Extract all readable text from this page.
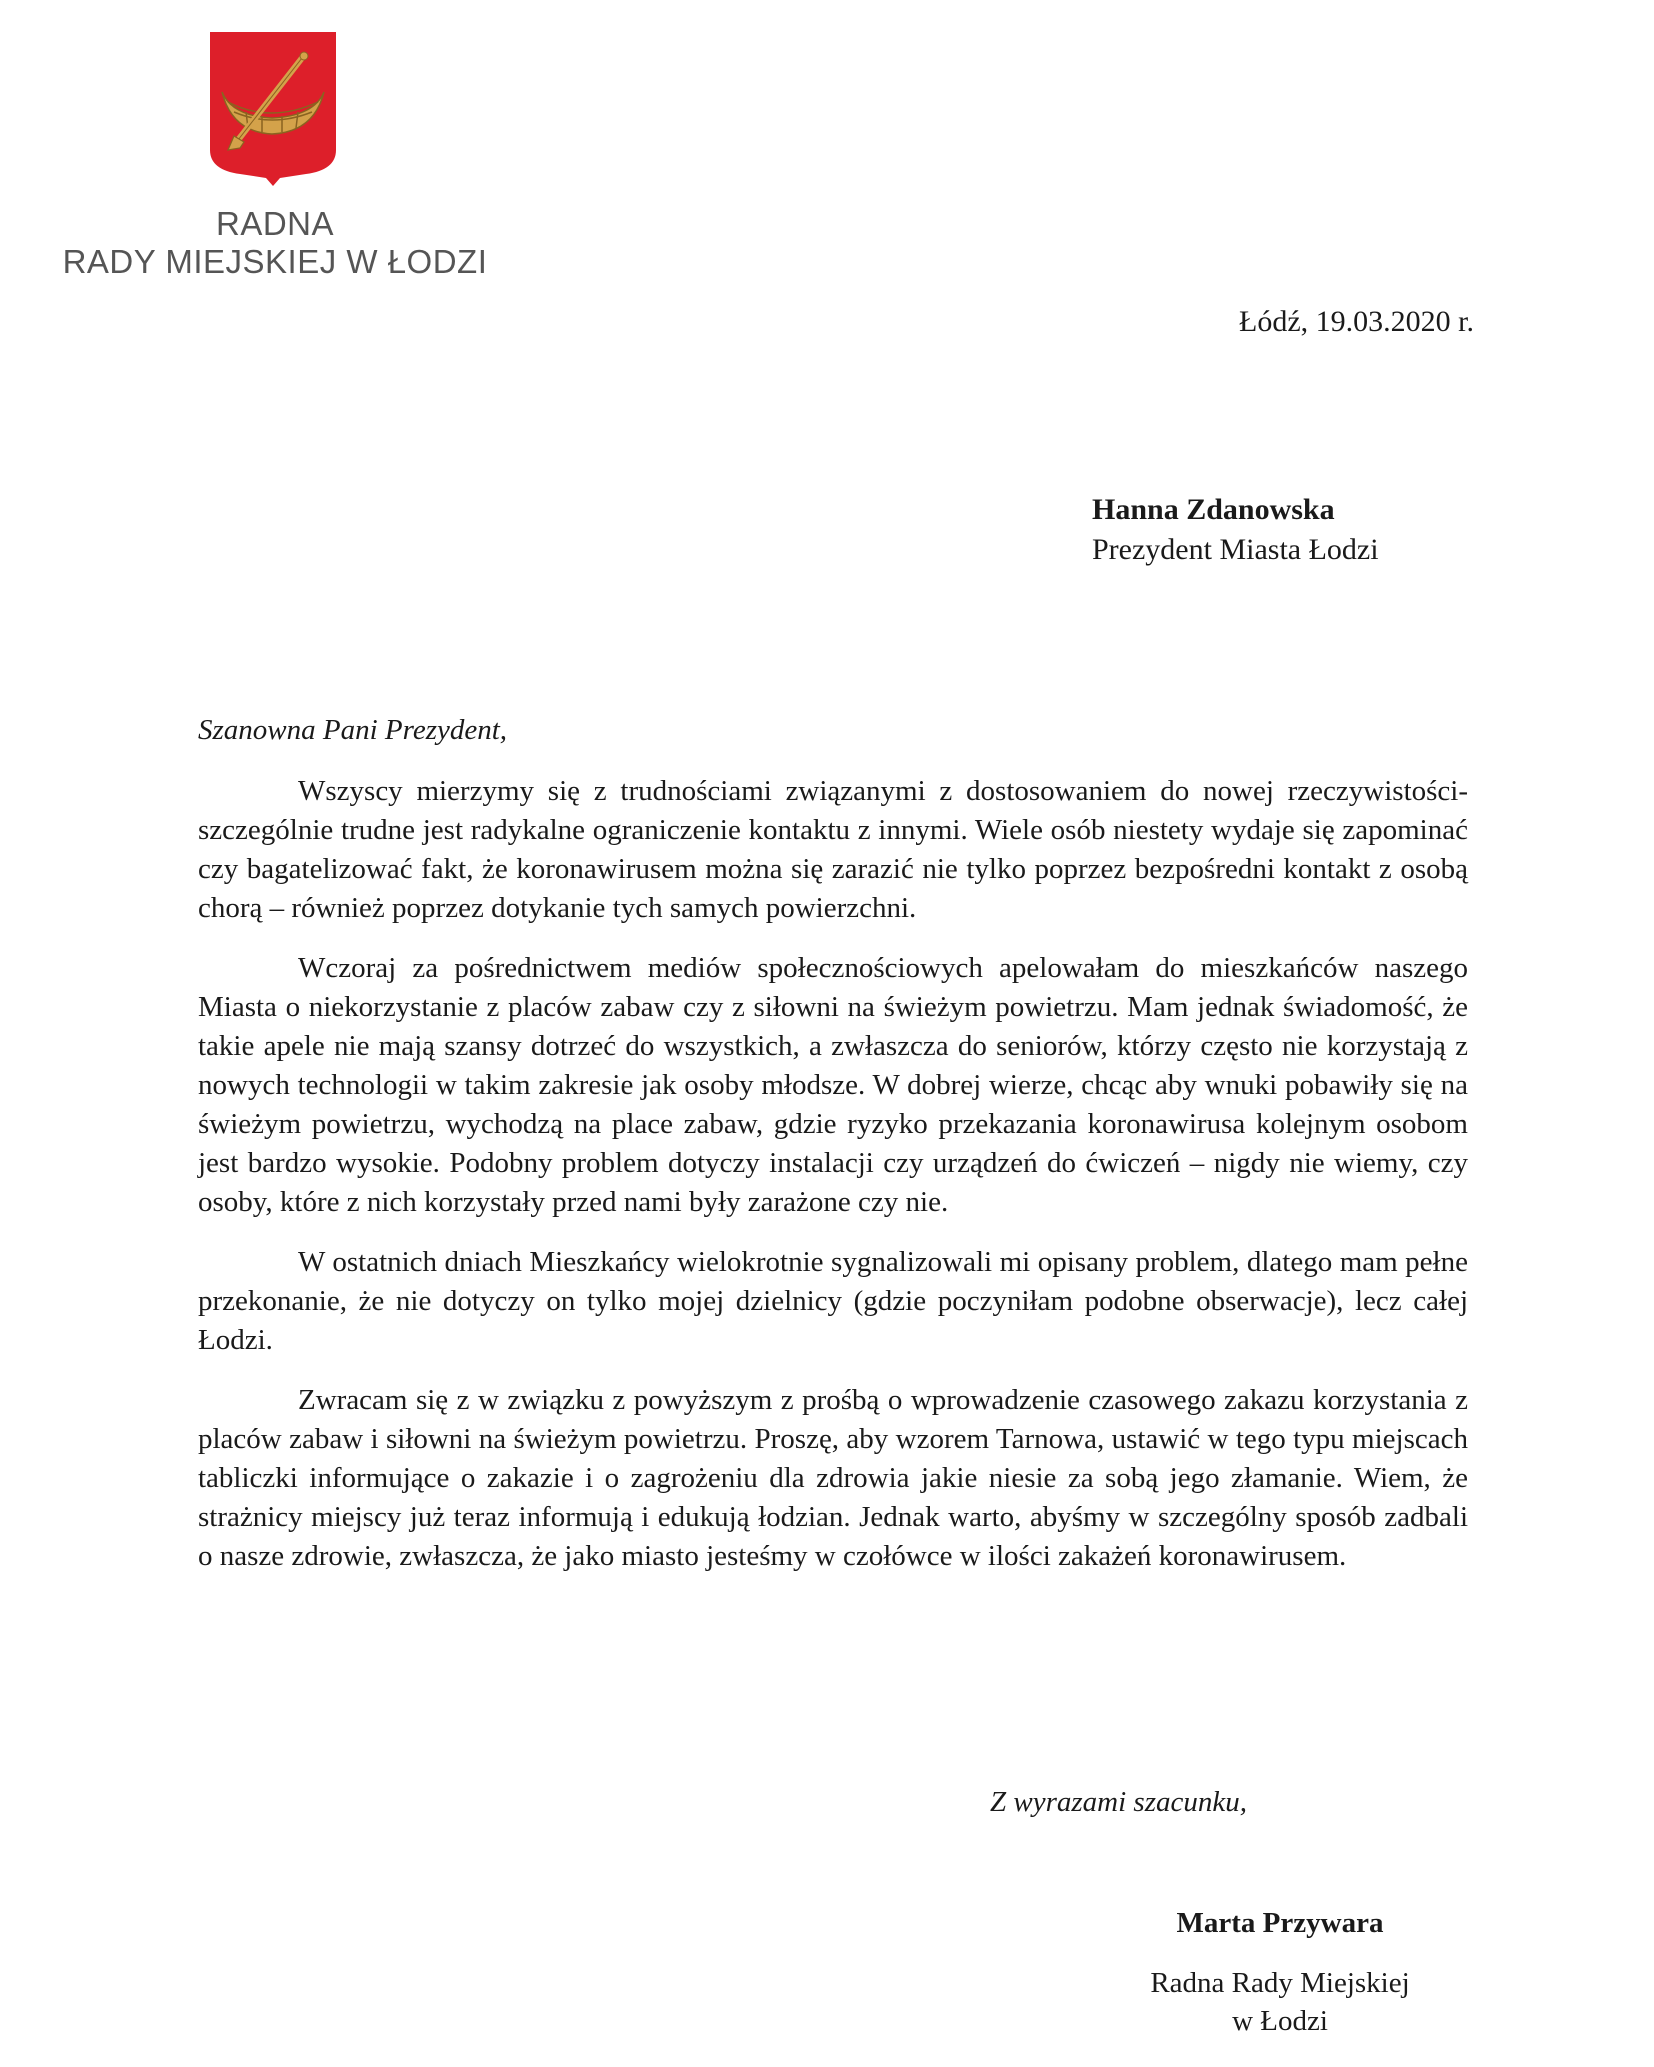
RADNA
RADY MIEJSKIEJ W ŁODZI
Łódź, 19.03.2020 r.
Hanna Zdanowska
Prezydent Miasta Łodzi
Szanowna Pani Prezydent,

Wszyscy mierzymy się z trudnościami związanymi z dostosowaniem do nowej rzeczywistości- szczególnie trudne jest radykalne ograniczenie kontaktu z innymi. Wiele osób niestety wydaje się zapominać czy bagatelizować fakt, że koronawirusem można się zarazić nie tylko poprzez bezpośredni kontakt z osobą chorą – również poprzez dotykanie tych samych powierzchni.

Wczoraj za pośrednictwem mediów społecznościowych apelowałam do mieszkańców naszego Miasta o niekorzystanie z placów zabaw czy z siłowni na świeżym powietrzu. Mam jednak świadomość, że takie apele nie mają szansy dotrzeć do wszystkich, a zwłaszcza do seniorów, którzy często nie korzystają z nowych technologii w takim zakresie jak osoby młodsze. W dobrej wierze, chcąc aby wnuki pobawiły się na świeżym powietrzu, wychodzą na place zabaw, gdzie ryzyko przekazania koronawirusa kolejnym osobom jest bardzo wysokie. Podobny problem dotyczy instalacji czy urządzeń do ćwiczeń – nigdy nie wiemy, czy osoby, które z nich korzystały przed nami były zarażone czy nie.

W ostatnich dniach Mieszkańcy wielokrotnie sygnalizowali mi opisany problem, dlatego mam pełne przekonanie, że nie dotyczy on tylko mojej dzielnicy (gdzie poczyniłam podobne obserwacje), lecz całej Łodzi.

Zwracam się z w związku z powyższym z prośbą o wprowadzenie czasowego zakazu korzystania z placów zabaw i siłowni na świeżym powietrzu. Proszę, aby wzorem Tarnowa, ustawić w tego typu miejscach tabliczki informujące o zakazie i o zagrożeniu dla zdrowia jakie niesie za sobą jego złamanie. Wiem, że strażnicy miejscy już teraz informują i edukują łodzian. Jednak warto, abyśmy w szczególny sposób zadbali o nasze zdrowie, zwłaszcza, że jako miasto jesteśmy w czołówce w ilości zakażeń koronawirusem.

Z wyrazami szacunku,
Marta Przywara
Radna Rady Miejskiej
w Łodzi
